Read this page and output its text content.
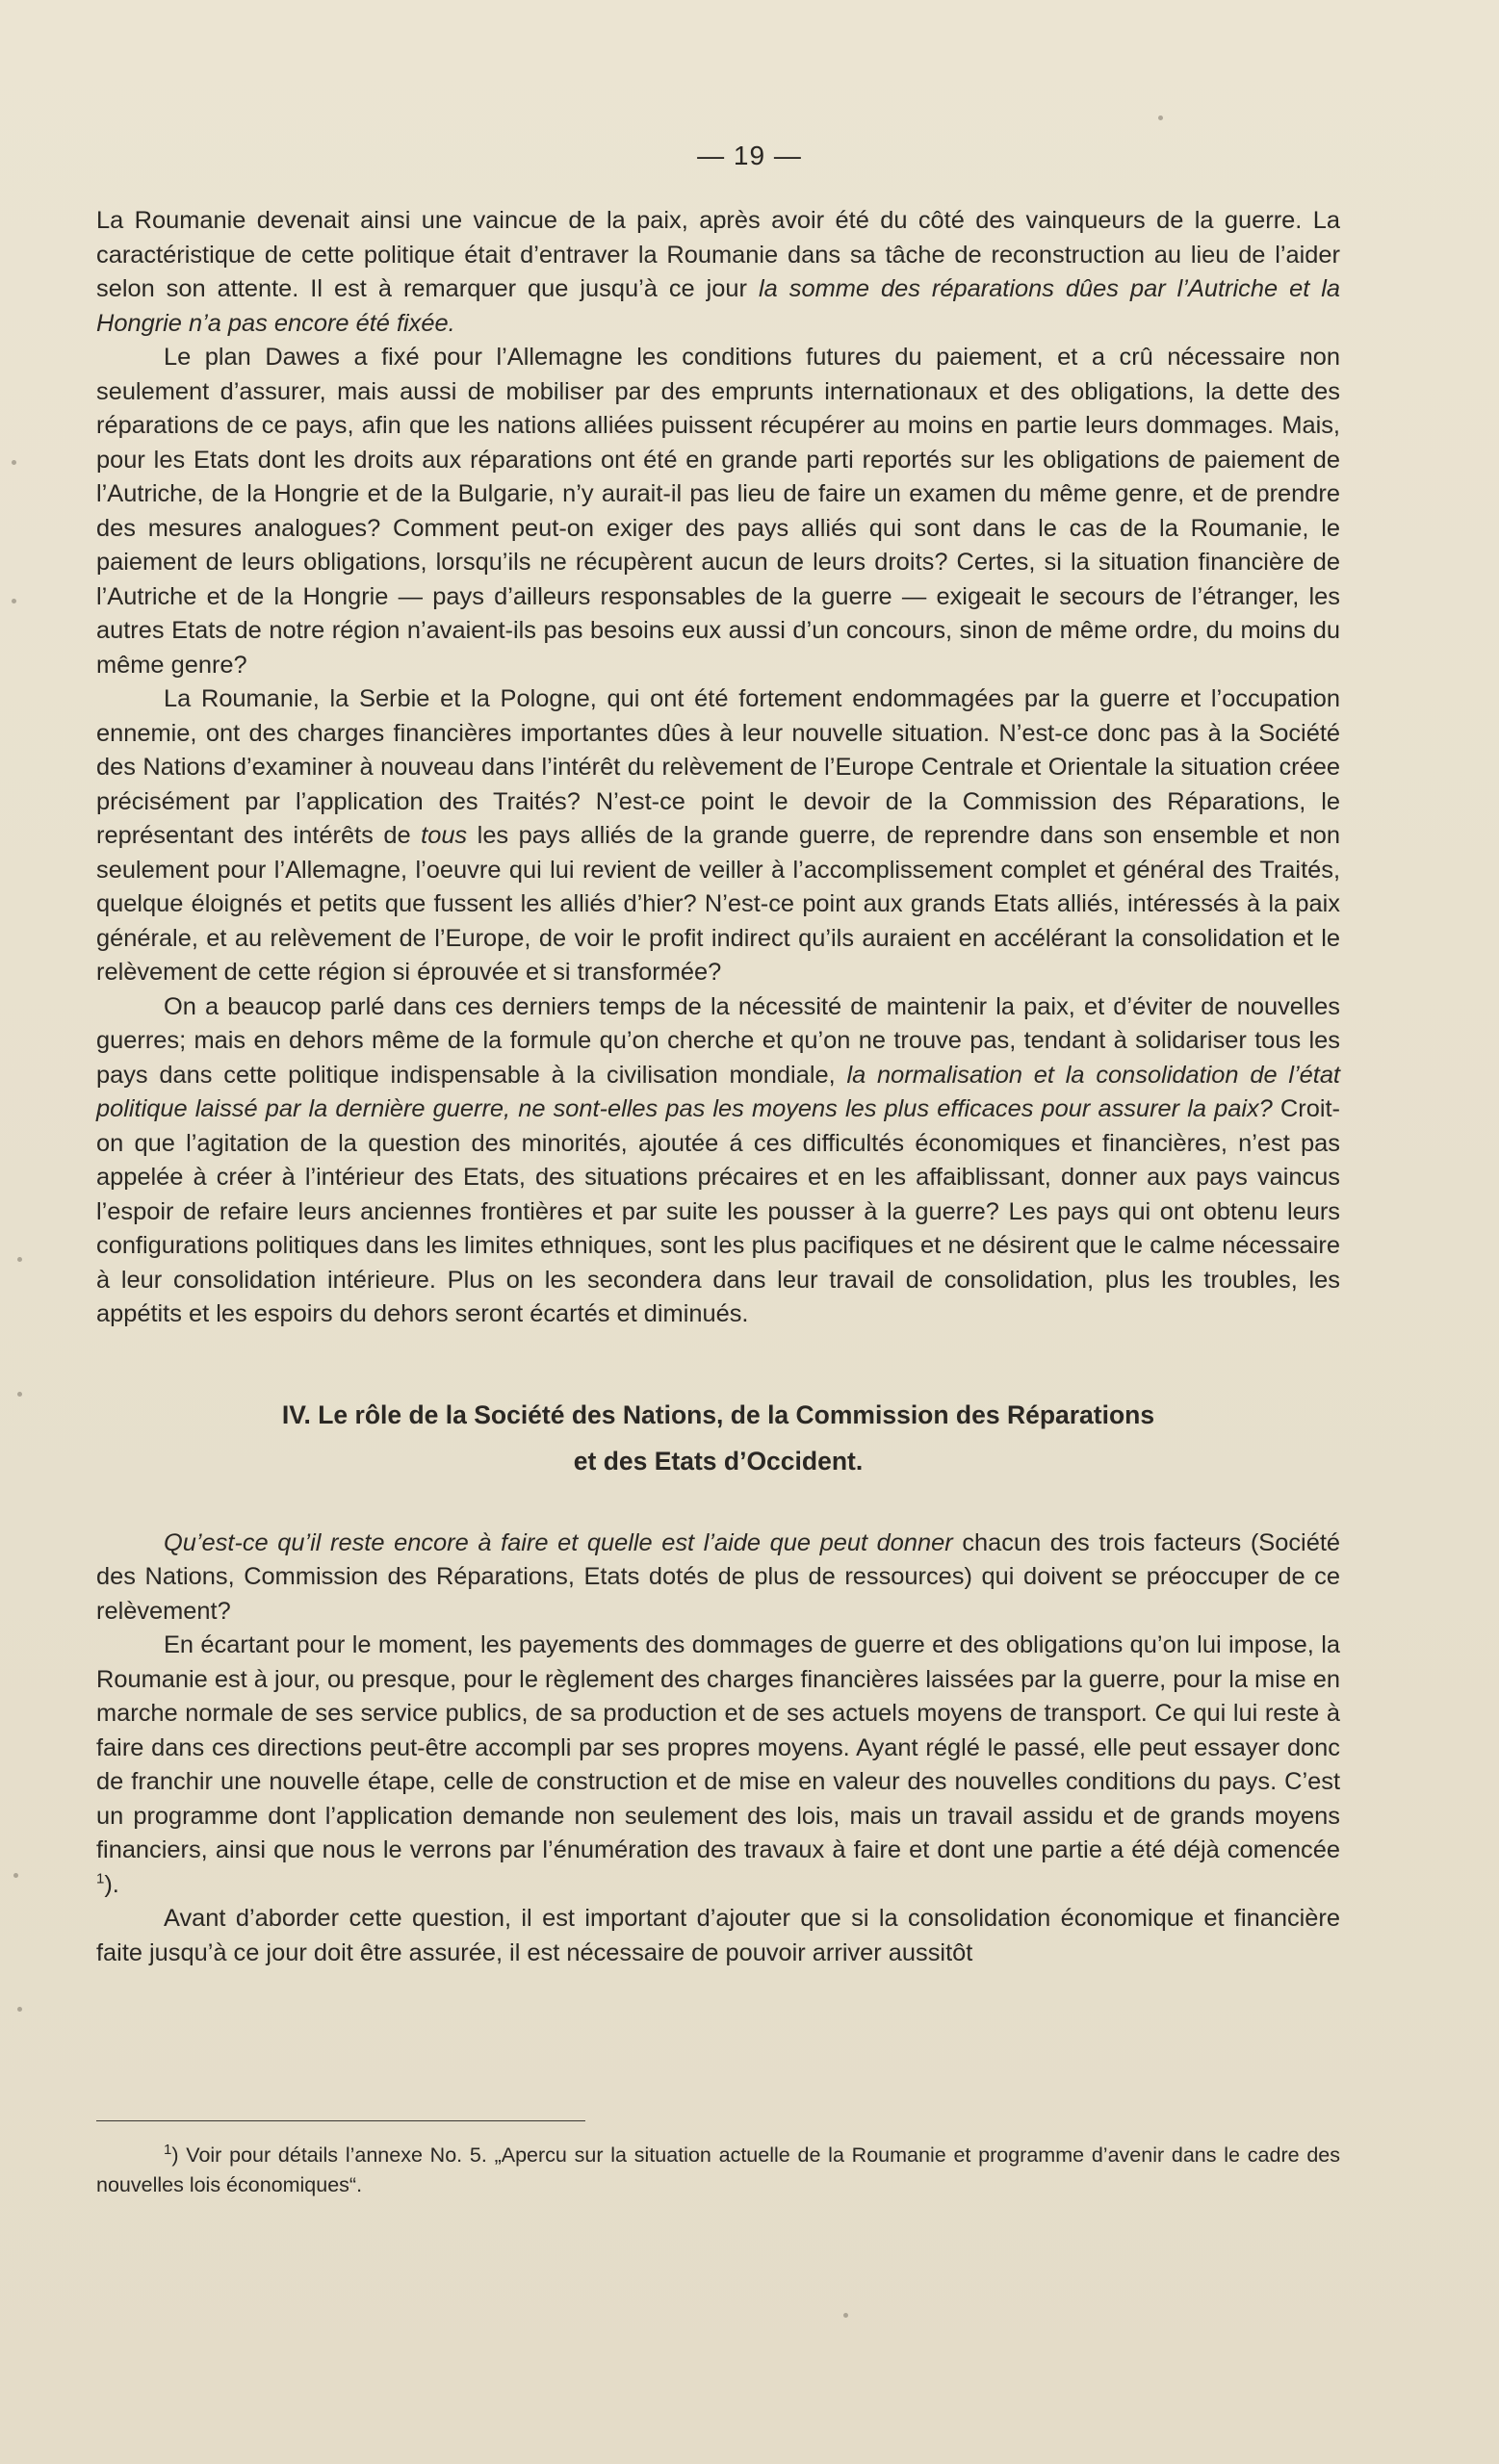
— 19 —

La Roumanie devenait ainsi une vaincue de la paix, après avoir été du côté des vainqueurs de la guerre. La caractéristique de cette politique était d’entraver la Roumanie dans sa tâche de reconstruction au lieu de l’aider selon son attente. Il est à remarquer que jusqu’à ce jour la somme des réparations dûes par l’Autriche et la Hongrie n’a pas encore été fixée.

Le plan Dawes a fixé pour l’Allemagne les conditions futures du paiement, et a crû nécessaire non seulement d’assurer, mais aussi de mobiliser par des emprunts internationaux et des obligations, la dette des réparations de ce pays, afin que les nations alliées puissent récupérer au moins en partie leurs dommages. Mais, pour les Etats dont les droits aux réparations ont été en grande parti reportés sur les obligations de paiement de l’Autriche, de la Hongrie et de la Bulgarie, n’y aurait-il pas lieu de faire un examen du même genre, et de prendre des mesures analogues? Comment peut-on exiger des pays alliés qui sont dans le cas de la Roumanie, le paiement de leurs obligations, lorsqu’ils ne récupèrent aucun de leurs droits? Certes, si la situation financière de l’Autriche et de la Hongrie — pays d’ailleurs responsables de la guerre — exigeait le secours de l’étranger, les autres Etats de notre région n’avaient-ils pas besoins eux aussi d’un concours, sinon de même ordre, du moins du même genre?

La Roumanie, la Serbie et la Pologne, qui ont été fortement endommagées par la guerre et l’occupation ennemie, ont des charges financières importantes dûes à leur nouvelle situation. N’est-ce donc pas à la Société des Nations d’examiner à nouveau dans l’intérêt du relèvement de l’Europe Centrale et Orientale la situation créee précisément par l’application des Traités? N’est-ce point le devoir de la Commission des Réparations, le représentant des intérêts de tous les pays alliés de la grande guerre, de reprendre dans son ensemble et non seulement pour l’Allemagne, l’oeuvre qui lui revient de veiller à l’accomplissement complet et général des Traités, quelque éloignés et petits que fussent les alliés d’hier? N’est-ce point aux grands Etats alliés, intéressés à la paix générale, et au relèvement de l’Europe, de voir le profit indirect qu’ils auraient en accélérant la consolidation et le relèvement de cette région si éprouvée et si transformée?

On a beaucop parlé dans ces derniers temps de la nécessité de maintenir la paix, et d’éviter de nouvelles guerres; mais en dehors même de la formule qu’on cherche et qu’on ne trouve pas, tendant à solidariser tous les pays dans cette politique indispensable à la civilisation mondiale, la normalisation et la consolidation de l’état politique laissé par la dernière guerre, ne sont-elles pas les moyens les plus efficaces pour assurer la paix? Croit-on que l’agitation de la question des minorités, ajoutée á ces difficultés économiques et financières, n’est pas appelée à créer à l’intérieur des Etats, des situations précaires et en les affaiblissant, donner aux pays vaincus l’espoir de refaire leurs anciennes frontières et par suite les pousser à la guerre? Les pays qui ont obtenu leurs configurations politiques dans les limites ethniques, sont les plus pacifiques et ne désirent que le calme nécessaire à leur consolidation intérieure. Plus on les secondera dans leur travail de consolidation, plus les troubles, les appétits et les espoirs du dehors seront écartés et diminués.

IV. Le rôle de la Société des Nations, de la Commission des Réparations
et des Etats d’Occident.

Qu’est-ce qu’il reste encore à faire et quelle est l’aide que peut donner chacun des trois facteurs (Société des Nations, Commission des Réparations, Etats dotés de plus de ressources) qui doivent se préoccuper de ce relèvement?

En écartant pour le moment, les payements des dommages de guerre et des obligations qu’on lui impose, la Roumanie est à jour, ou presque, pour le règlement des charges financières laissées par la guerre, pour la mise en marche normale de ses service publics, de sa production et de ses actuels moyens de transport. Ce qui lui reste à faire dans ces directions peut-être accompli par ses propres moyens. Ayant réglé le passé, elle peut essayer donc de franchir une nouvelle étape, celle de construction et de mise en valeur des nouvelles conditions du pays. C’est un programme dont l’application demande non seulement des lois, mais un travail assidu et de grands moyens financiers, ainsi que nous le verrons par l’énumération des travaux à faire et dont une partie a été déjà comencée $^1$).

Avant d’aborder cette question, il est important d’ajouter que si la consolidation économique et financière faite jusqu’à ce jour doit être assurée, il est nécessaire de pouvoir arriver aussitôt

$^1$) Voir pour détails l’annexe No. 5. „Apercu sur la situation actuelle de la Roumanie et programme d’avenir dans le cadre des nouvelles lois économiques“.
